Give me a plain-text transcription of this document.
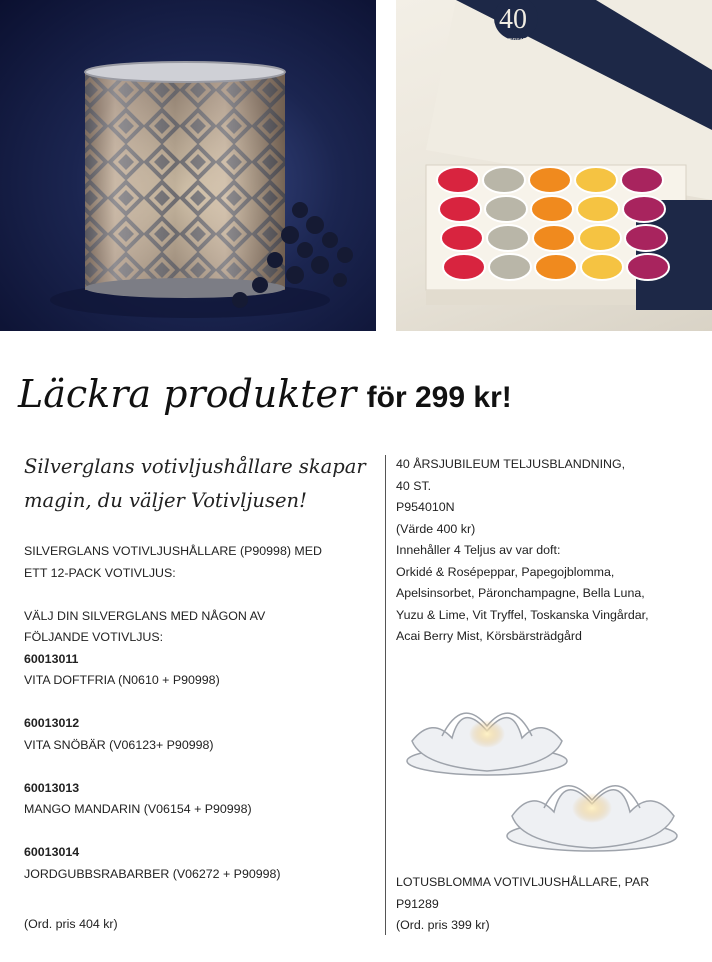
40
ANNIVERSARY
Läckra produkter för 299 kr!
Silverglans votivljushållare skapar
magin, du väljer Votivljusen!

SILVERGLANS VOTIVLJUSHÅLLARE (P90998) MED

ETT 12-PACK VOTIVLJUS:

VÄLJ DIN SILVERGLANS MED NÅGON AV

FÖLJANDE VOTIVLJUS:

60013011

VITA DOFTFRIA (N0610 + P90998)

60013012

VITA SNÖBÄR (V06123+ P90998)

60013013

MANGO MANDARIN (V06154 + P90998)

60013014

JORDGUBBSRABARBER (V06272 + P90998)

(Ord. pris 404 kr)

40 ÅRSJUBILEUM TELJUSBLANDNING,

40 ST.

P954010N

(Värde 400 kr)

Innehåller 4 Teljus av var doft:

Orkidé & Rosépeppar, Papegojblomma,

Apelsinsorbet, Päronchampagne, Bella Luna,

Yuzu & Lime, Vit Tryffel, Toskanska Vingårdar,

Acai Berry Mist, Körsbärsträdgård

LOTUSBLOMMA VOTIVLJUSHÅLLARE, PAR

P91289

(Ord. pris 399 kr)
